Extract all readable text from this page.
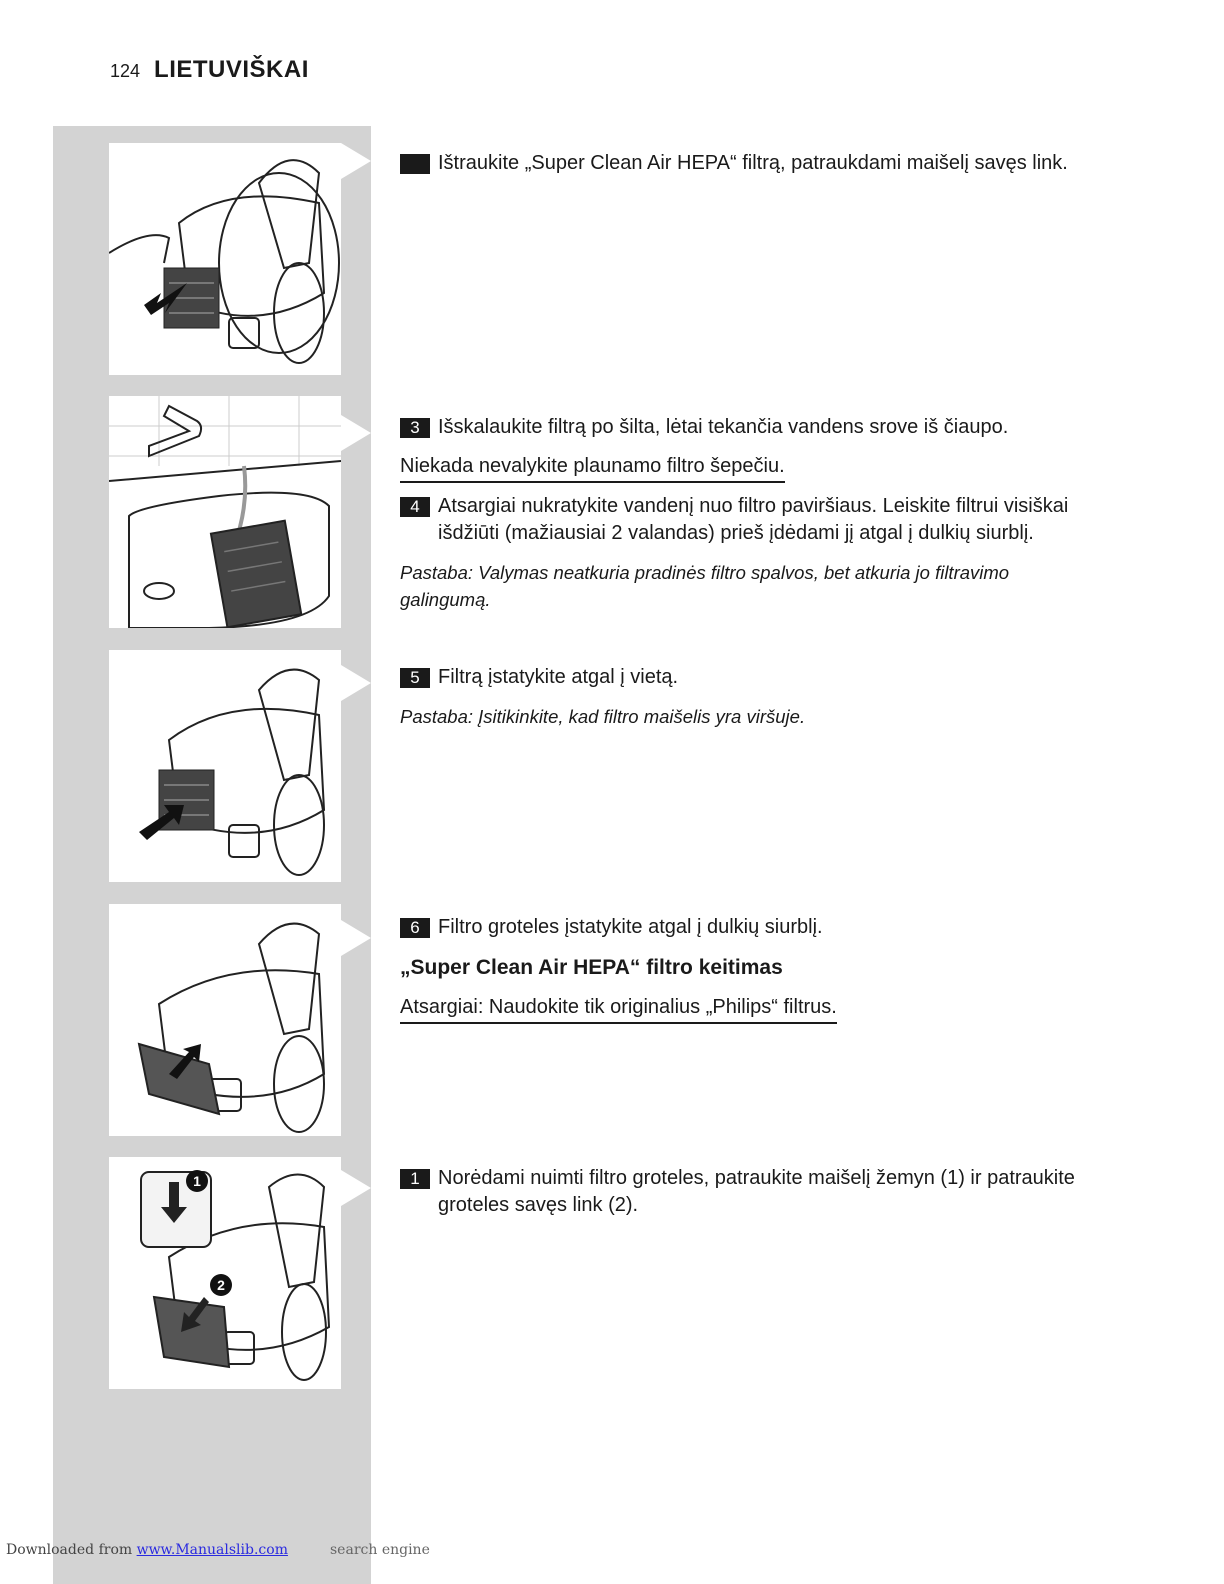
124 LIETUVIŠKAI
1
2

Ištraukite „Super Clean Air HEPA“ filtrą, patraukdami maišelį savęs link.

3 Išskalaukite filtrą po šilta, lėtai tekančia vandens srove iš čiaupo.

Niekada nevalykite plaunamo filtro šepečiu.

4 Atsargiai nukratykite vandenį nuo filtro paviršiaus. Leiskite filtrui visiškai išdžiūti (mažiausiai 2 valandas) prieš įdėdami jį atgal į dulkių siurblį.

Pastaba: Valymas neatkuria pradinės filtro spalvos, bet atkuria jo filtravimo galingumą.

5 Filtrą įstatykite atgal į vietą.

Pastaba: Įsitikinkite, kad filtro maišelis yra viršuje.

6 Filtro groteles įstatykite atgal į dulkių siurblį.

„Super Clean Air HEPA“ filtro keitimas

Atsargiai: Naudokite tik originalius „Philips“ filtrus.

1 Norėdami nuimti filtro groteles, patraukite maišelį žemyn (1) ir patraukite groteles savęs link (2).

Downloaded from www.Manualslib.com	search engine
